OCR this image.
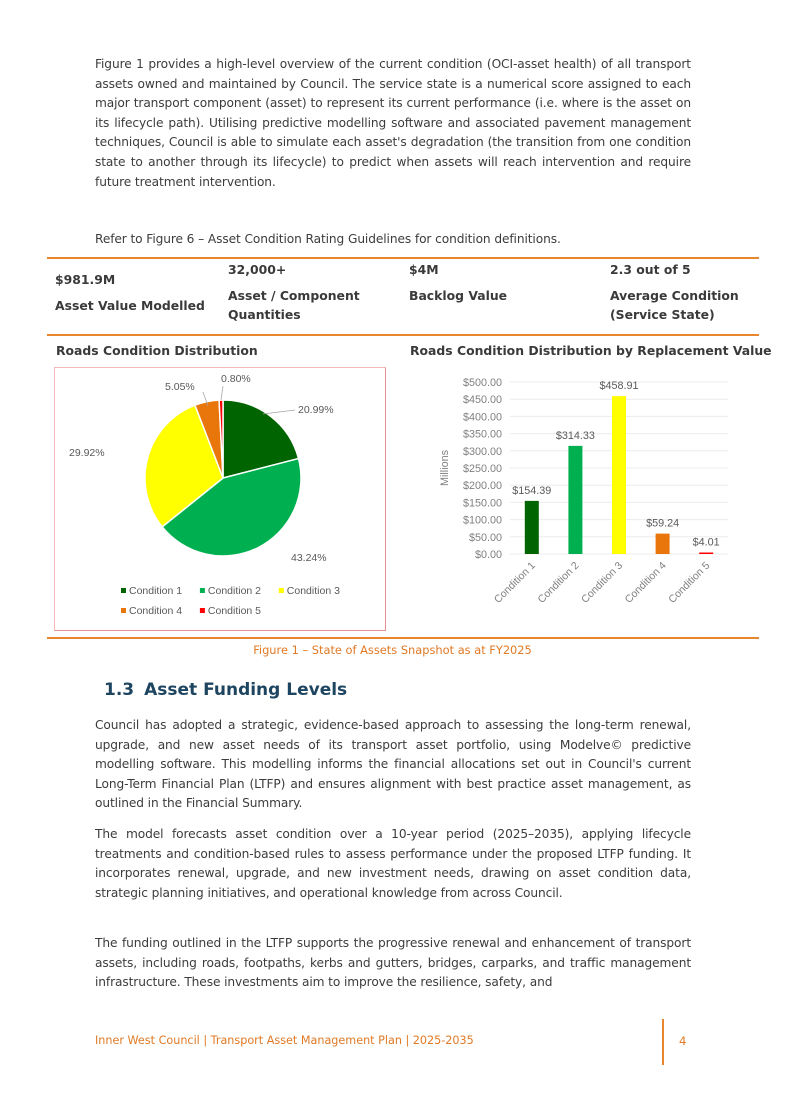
Figure 1 provides a high-level overview of the current condition (OCI-asset health) of all transport assets owned and maintained by Council. The service state is a numerical score assigned to each major transport component (asset) to represent its current performance (i.e. where is the asset on its lifecycle path). Utilising predictive modelling software and associated pavement management techniques, Council is able to simulate each asset's degradation (the transition from one condition state to another through its lifecycle) to predict when assets will reach intervention and require future treatment intervention.

Refer to Figure 6 – Asset Condition Rating Guidelines for condition definitions.

$981.9M
Asset Value Modelled
32,000+
Asset / Component Quantities
$4M
Backlog Value
2.3 out of 5
Average Condition (Service State)
Roads Condition Distribution	Roads Condition Distribution by Replacement Value
20.99%
43.24%
29.92%
5.05%
0.80%
Condition 1 Condition 2 Condition 3
Condition 4 Condition 5
$0.00
$50.00
$100.00
$150.00
$200.00
$250.00
$300.00
$350.00
$400.00
$450.00
$500.00
Millions
$154.39
Condition 1
$314.33
Condition 2
$458.91
Condition 3
$59.24
Condition 4
$4.01
Condition 5
Figure 1 – State of Assets Snapshot as at FY2025
1.3 Asset Funding Levels

Council has adopted a strategic, evidence-based approach to assessing the long-term renewal, upgrade, and new asset needs of its transport asset portfolio, using Modelve© predictive modelling software. This modelling informs the financial allocations set out in Council's current Long-Term Financial Plan (LTFP) and ensures alignment with best practice asset management, as outlined in the Financial Summary.

The model forecasts asset condition over a 10-year period (2025–2035), applying lifecycle treatments and condition-based rules to assess performance under the proposed LTFP funding. It incorporates renewal, upgrade, and new investment needs, drawing on asset condition data, strategic planning initiatives, and operational knowledge from across Council.

The funding outlined in the LTFP supports the progressive renewal and enhancement of transport assets, including roads, footpaths, kerbs and gutters, bridges, carparks, and traffic management infrastructure. These investments aim to improve the resilience, safety, and

Inner West Council | Transport Asset Management Plan | 2025-2035	4
